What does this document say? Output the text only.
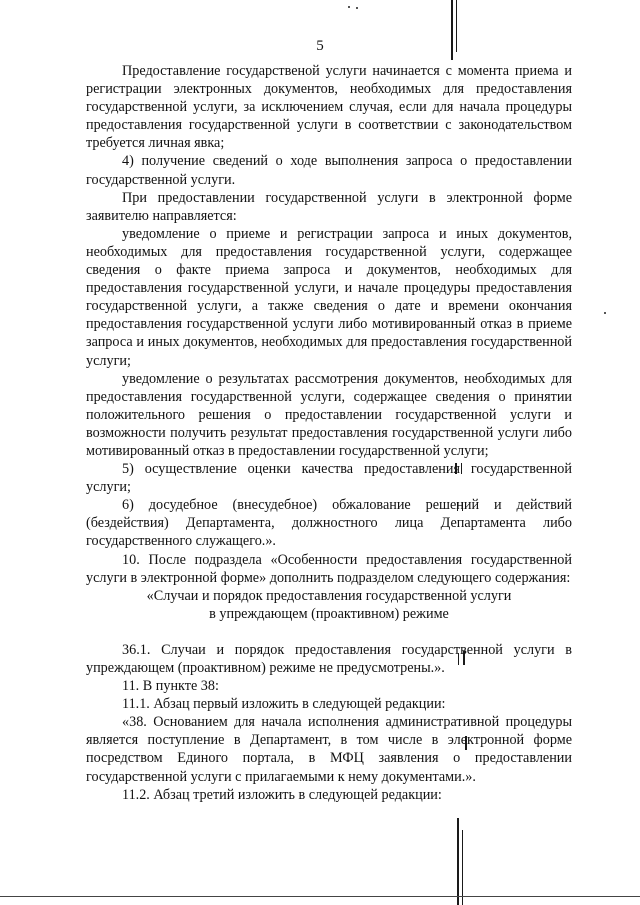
5

Предоставление государственой услуги начинается с момента приема и регистрации электронных документов, необходимых для предоставления государственной услуги, за исключением случая, если для начала процедуры предоставления государственной услуги в соответствии с законодательством требуется личная явка;

4) получение сведений о ходе выполнения запроса о предоставлении государственной услуги.

При предоставлении государственной услуги в электронной форме заявителю направляется:

уведомление о приеме и регистрации запроса и иных документов, необходимых для предоставления государственной услуги, содержащее сведения о факте приема запроса и документов, необходимых для предоставления государственной услуги, и начале процедуры предоставления государственной услуги, а также сведения о дате и времени окончания предоставления государственной услуги либо мотивированный отказ в приеме запроса и иных документов, необходимых для предоставления государственной услуги;

уведомление о результатах рассмотрения документов, необходимых для предоставления государственной услуги, содержащее сведения о принятии положительного решения о предоставлении государственной услуги и возможности получить результат предоставления государственной услуги либо мотивированный отказ в предоставлении государственной услуги;

5) осуществление оценки качества предоставления государственной услуги;

6) досудебное (внесудебное) обжалование решений и действий (бездействия) Департамента, должностного лица Департамента либо государственного служащего.».

10. После подраздела «Особенности предоставления государственной услуги в электронной форме» дополнить подразделом следующего содержания:

«Случаи и порядок предоставления государственной услуги

в упреждающем (проактивном) режиме

36.1. Случаи и порядок предоставления государственной услуги в упреждающем (проактивном) режиме не предусмотрены.».

11. В пункте 38:

11.1. Абзац первый изложить в следующей редакции:

«38. Основанием для начала исполнения административной процедуры является поступление в Департамент, в том числе в электронной форме посредством Единого портала, в МФЦ заявления о предоставлении государственной услуги с прилагаемыми к нему документами.».

11.2. Абзац третий изложить в следующей редакции:
